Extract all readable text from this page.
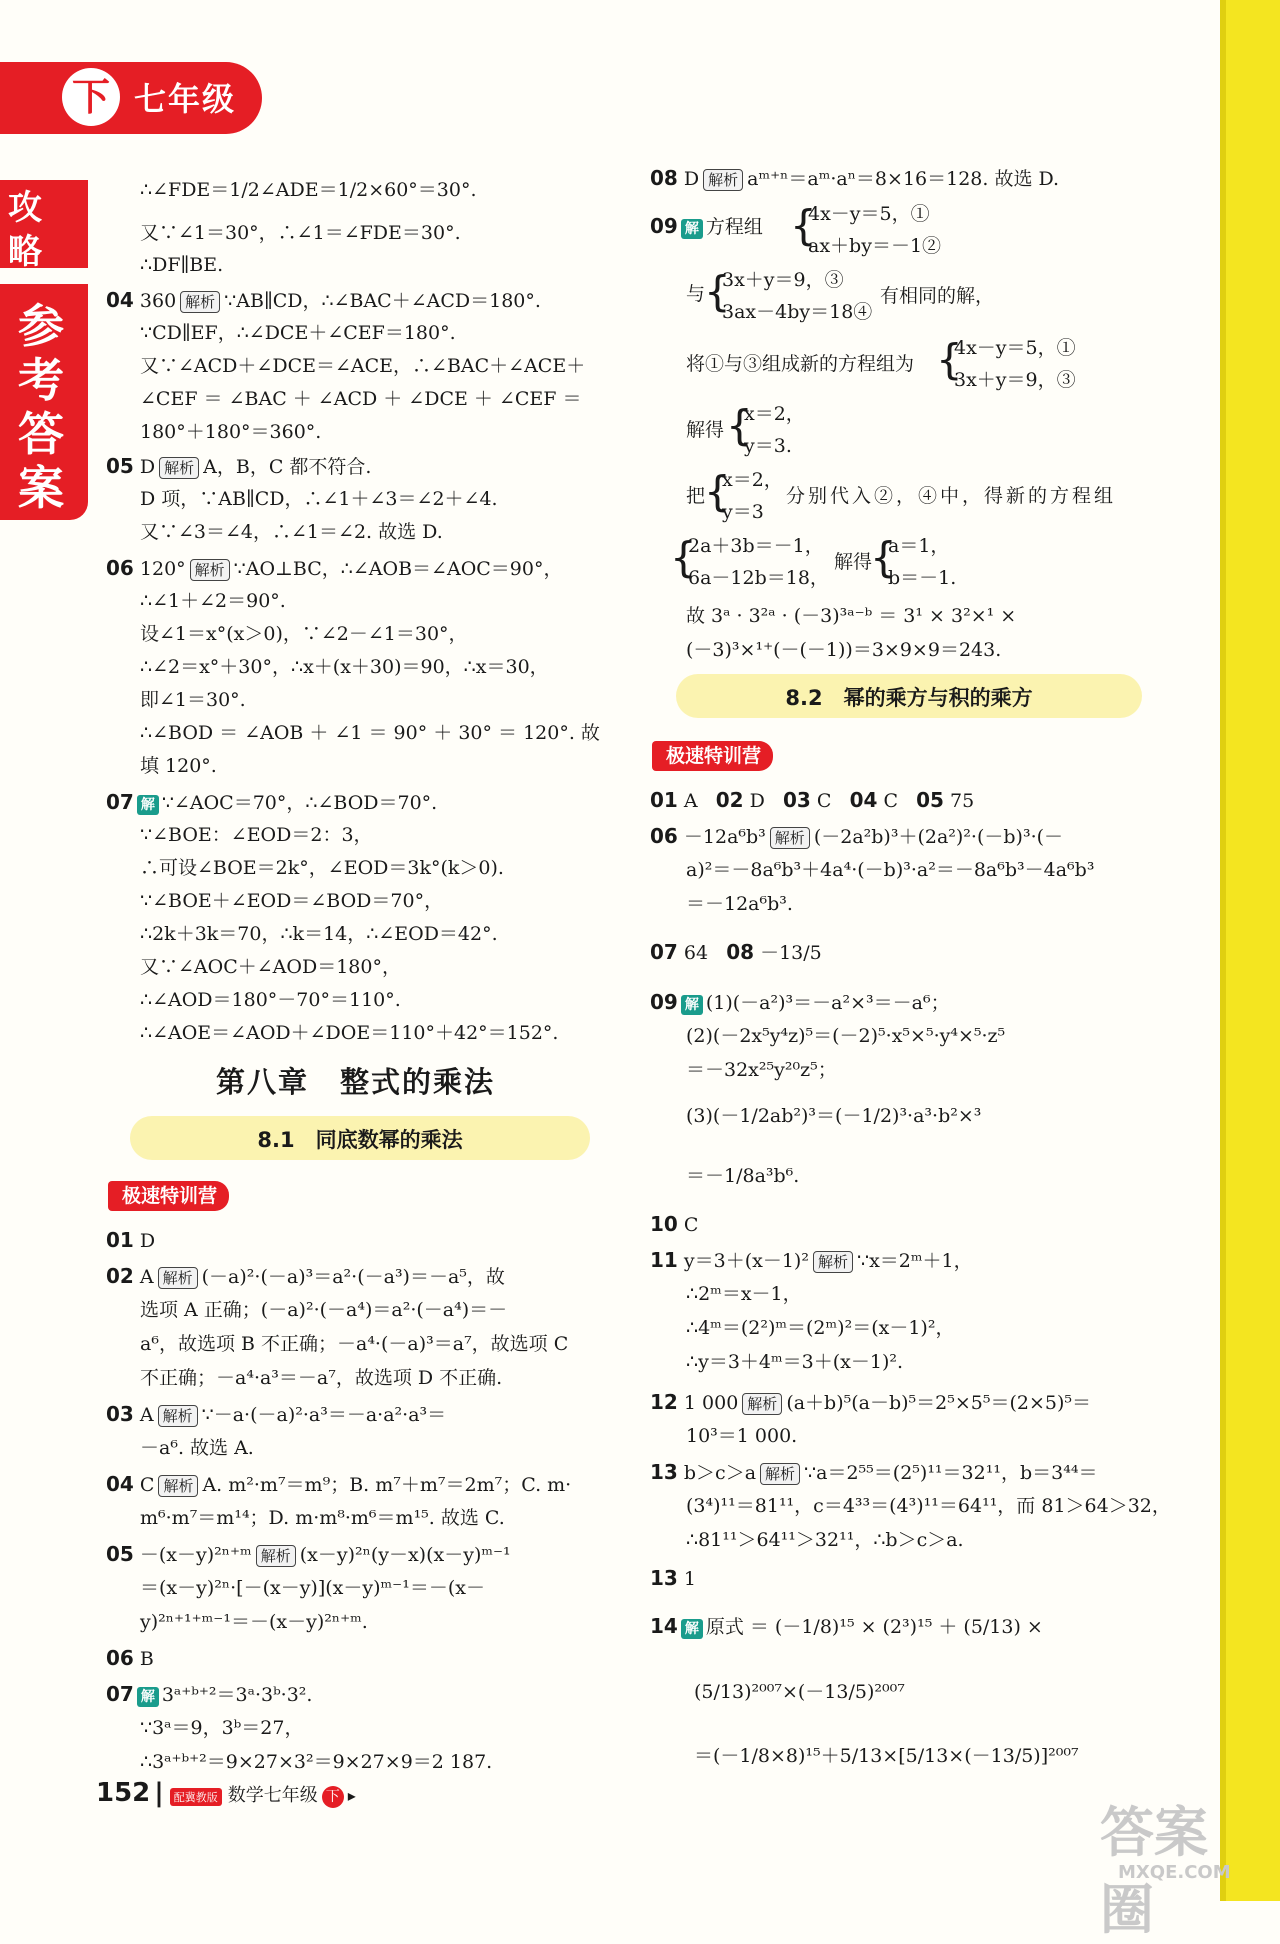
下 七年级
攻
略
参
考
答
案
∴∠FDE＝1/2∠ADE＝1/2×60°＝30°.
又∵∠1＝30°，∴∠1＝∠FDE＝30°.
∴DF∥BE.
04 360 解析 ∵AB∥CD，∴∠BAC＋∠ACD＝180°.
∵CD∥EF，∴∠DCE＋∠CEF＝180°.
又∵∠ACD＋∠DCE＝∠ACE，∴∠BAC＋∠ACE＋
∠CEF ＝ ∠BAC ＋ ∠ACD ＋ ∠DCE ＋ ∠CEF ＝
180°＋180°＝360°.
05 D 解析 A，B，C 都不符合.
D 项，∵AB∥CD，∴∠1＋∠3＝∠2＋∠4.
又∵∠3＝∠4，∴∠1＝∠2. 故选 D.
06 120° 解析 ∵AO⊥BC，∴∠AOB＝∠AOC＝90°，
∴∠1＋∠2＝90°.
设∠1＝x°(x＞0)，∵∠2－∠1＝30°，
∴∠2＝x°＋30°，∴x＋(x＋30)＝90，∴x＝30，
即∠1＝30°.
∴∠BOD ＝ ∠AOB ＋ ∠1 ＝ 90° ＋ 30° ＝ 120°. 故
填 120°.
07 解 ∵∠AOC＝70°，∴∠BOD＝70°.
∵∠BOE：∠EOD＝2：3，
∴可设∠BOE＝2k°，∠EOD＝3k°(k＞0).
∵∠BOE＋∠EOD＝∠BOD＝70°，
∴2k＋3k＝70，∴k＝14，∴∠EOD＝42°.
又∵∠AOC＋∠AOD＝180°，
∴∠AOD＝180°－70°＝110°.
∴∠AOE＝∠AOD＋∠DOE＝110°＋42°＝152°.
第八章　整式的乘法
8.1　同底数幂的乘法
极速特训营
01 D
02 A 解析 (－a)²·(－a)³＝a²·(－a³)＝－a⁵，故
选项 A 正确；(－a)²·(－a⁴)＝a²·(－a⁴)＝－
a⁶，故选项 B 不正确；－a⁴·(－a)³＝a⁷，故选项 C
不正确；－a⁴·a³＝－a⁷，故选项 D 不正确.
03 A 解析 ∵－a·(－a)²·a³＝－a·a²·a³＝
－a⁶. 故选 A.
04 C 解析 A. m²·m⁷＝m⁹；B. m⁷＋m⁷＝2m⁷；C. m·
m⁶·m⁷＝m¹⁴；D. m·m⁸·m⁶＝m¹⁵. 故选 C.
05 －(x－y)²ⁿ⁺ᵐ 解析 (x－y)²ⁿ(y－x)(x－y)ᵐ⁻¹
＝(x－y)²ⁿ·[－(x－y)](x－y)ᵐ⁻¹＝－(x－
y)²ⁿ⁺¹⁺ᵐ⁻¹＝－(x－y)²ⁿ⁺ᵐ.
06 B
07 解 3ᵃ⁺ᵇ⁺²＝3ᵃ·3ᵇ·3².
∵3ᵃ＝9，3ᵇ＝27，
∴3ᵃ⁺ᵇ⁺²＝9×27×3²＝9×27×9＝2 187.
08 D 解析 aᵐ⁺ⁿ＝aᵐ·aⁿ＝8×16＝128. 故选 D.
09 解 方程组 {
4x－y＝5，①
ax＋by＝－1②
与
{
3x＋y＝9，③
3ax－4by＝18④
有相同的解，
将①与③组成新的方程组为 {
4x－y＝5，①
3x＋y＝9，③
解得 {
x＝2，
y＝3.
把
{
x＝2，
y＝3
分别代入②，④中，得新的方程组
{
2a＋3b＝－1，
6a－12b＝18，
解得
{
a＝1，
b＝－1.
故 3ᵃ · 3²ᵃ · (－3)³ᵃ⁻ᵇ ＝ 3¹ × 3²×¹ ×
(－3)³×¹⁺(－(－1))＝3×9×9＝243.
8.2　幂的乘方与积的乘方
极速特训营
01 A 02 D 03 C 04 C 05 75
06 －12a⁶b³ 解析 (－2a²b)³＋(2a²)²·(－b)³·(－
a)²＝－8a⁶b³＋4a⁴·(－b)³·a²＝－8a⁶b³－4a⁶b³
＝－12a⁶b³.
07 64 08 －13/5
09 解 (1)(－a²)³＝－a²×³＝－a⁶；
(2)(－2x⁵y⁴z)⁵＝(－2)⁵·x⁵×⁵·y⁴×⁵·z⁵
＝－32x²⁵y²⁰z⁵；
(3)(－1/2ab²)³＝(－1/2)³·a³·b²×³
＝－1/8a³b⁶.
10 C
11 y＝3＋(x－1)² 解析 ∵x＝2ᵐ＋1，
∴2ᵐ＝x－1，
∴4ᵐ＝(2²)ᵐ＝(2ᵐ)²＝(x－1)²，
∴y＝3＋4ᵐ＝3＋(x－1)².
12 1 000 解析 (a＋b)⁵(a－b)⁵＝2⁵×5⁵＝(2×5)⁵＝
10³＝1 000.
13 b＞c＞a 解析 ∵a＝2⁵⁵＝(2⁵)¹¹＝32¹¹，b＝3⁴⁴＝
(3⁴)¹¹＝81¹¹，c＝4³³＝(4³)¹¹＝64¹¹，而 81＞64＞32，
∴81¹¹＞64¹¹＞32¹¹，∴b＞c＞a.
13 1
14 解 原式 ＝ (－1/8)¹⁵ × (2³)¹⁵ ＋ (5/13) ×
(5/13)²⁰⁰⁷×(－13/5)²⁰⁰⁷
＝(－1/8×8)¹⁵＋5/13×[5/13×(－13/5)]²⁰⁰⁷
152 | 配冀教版 数学七年级 下 ▸
答案圈
MXQE.COM
